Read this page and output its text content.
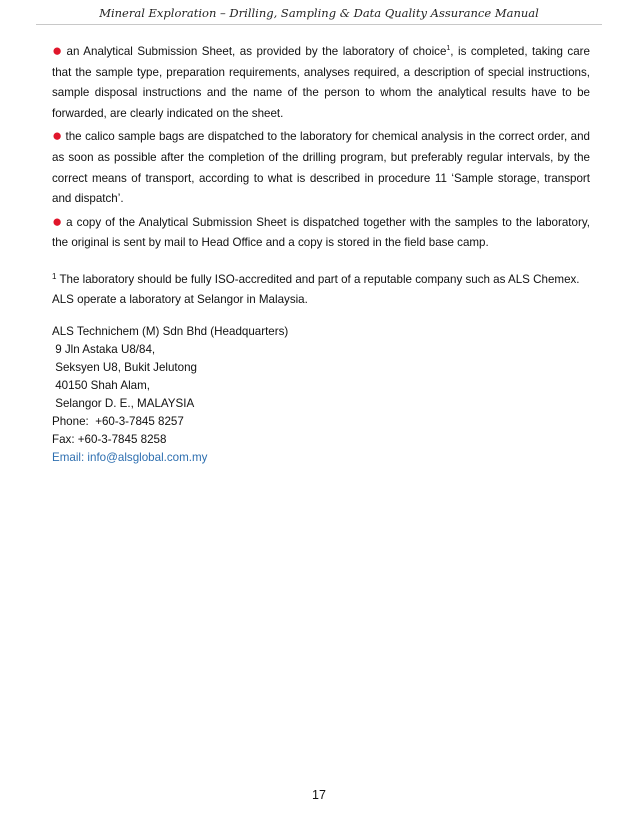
Mineral Exploration – Drilling, Sampling & Data Quality Assurance Manual
● an Analytical Submission Sheet, as provided by the laboratory of choice$^1$, is completed, taking care that the sample type, preparation requirements, analyses required, a description of special instructions, sample disposal instructions and the name of the person to whom the analytical results have to be forwarded, are clearly indicated on the sheet.
● the calico sample bags are dispatched to the laboratory for chemical analysis in the correct order, and as soon as possible after the completion of the drilling program, but preferably regular intervals, by the correct means of transport, according to what is described in procedure 11 ‘Sample storage, transport and dispatch’.
● a copy of the Analytical Submission Sheet is dispatched together with the samples to the laboratory, the original is sent by mail to Head Office and a copy is stored in the field base camp.
$^1$ The laboratory should be fully ISO-accredited and part of a reputable company such as ALS Chemex. ALS operate a laboratory at Selangor in Malaysia.
ALS Technichem (M) Sdn Bhd (Headquarters)
9 Jln Astaka U8/84,
Seksyen U8, Bukit Jelutong
40150 Shah Alam,
Selangor D. E., MALAYSIA
Phone:  +60-3-7845 8257
Fax: +60-3-7845 8258
Email: info@alsglobal.com.my
17
